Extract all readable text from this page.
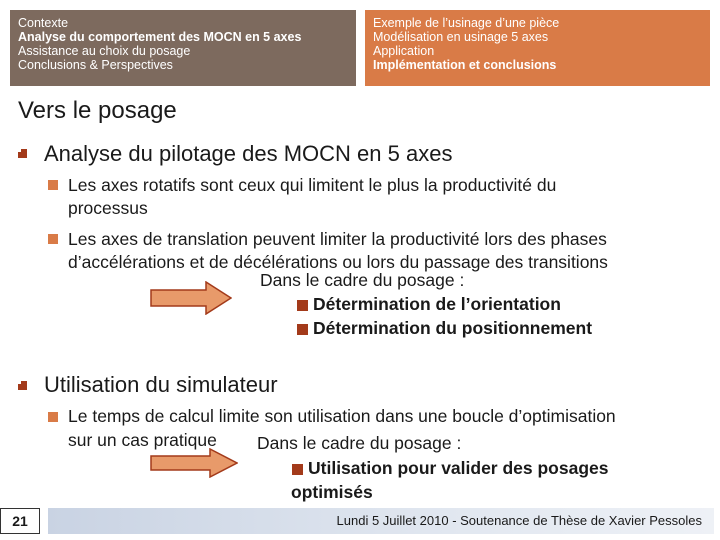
Contexte
Analyse du comportement des MOCN en 5 axes
Assistance au choix du posage
Conclusions & Perspectives
Exemple de l’usinage d’une pièce
Modélisation en usinage 5 axes
Application
Implémentation et conclusions
Vers le posage
Analyse du pilotage des MOCN en 5 axes
Les axes rotatifs sont ceux qui limitent le plus la productivité du
processus
Les axes de translation peuvent limiter la productivité lors des phases
d’accélérations et de décélérations ou lors du passage des transitions
Dans le cadre du posage :
Détermination de l’orientation
Détermination du positionnement
Utilisation du simulateur
Le temps de calcul limite son utilisation dans une boucle d’optimisation
sur un cas pratique Dans le cadre du posage :
Utilisation pour valider des posages
optimisés
21	Lundi 5 Juillet 2010 - Soutenance de Thèse de Xavier Pessoles
